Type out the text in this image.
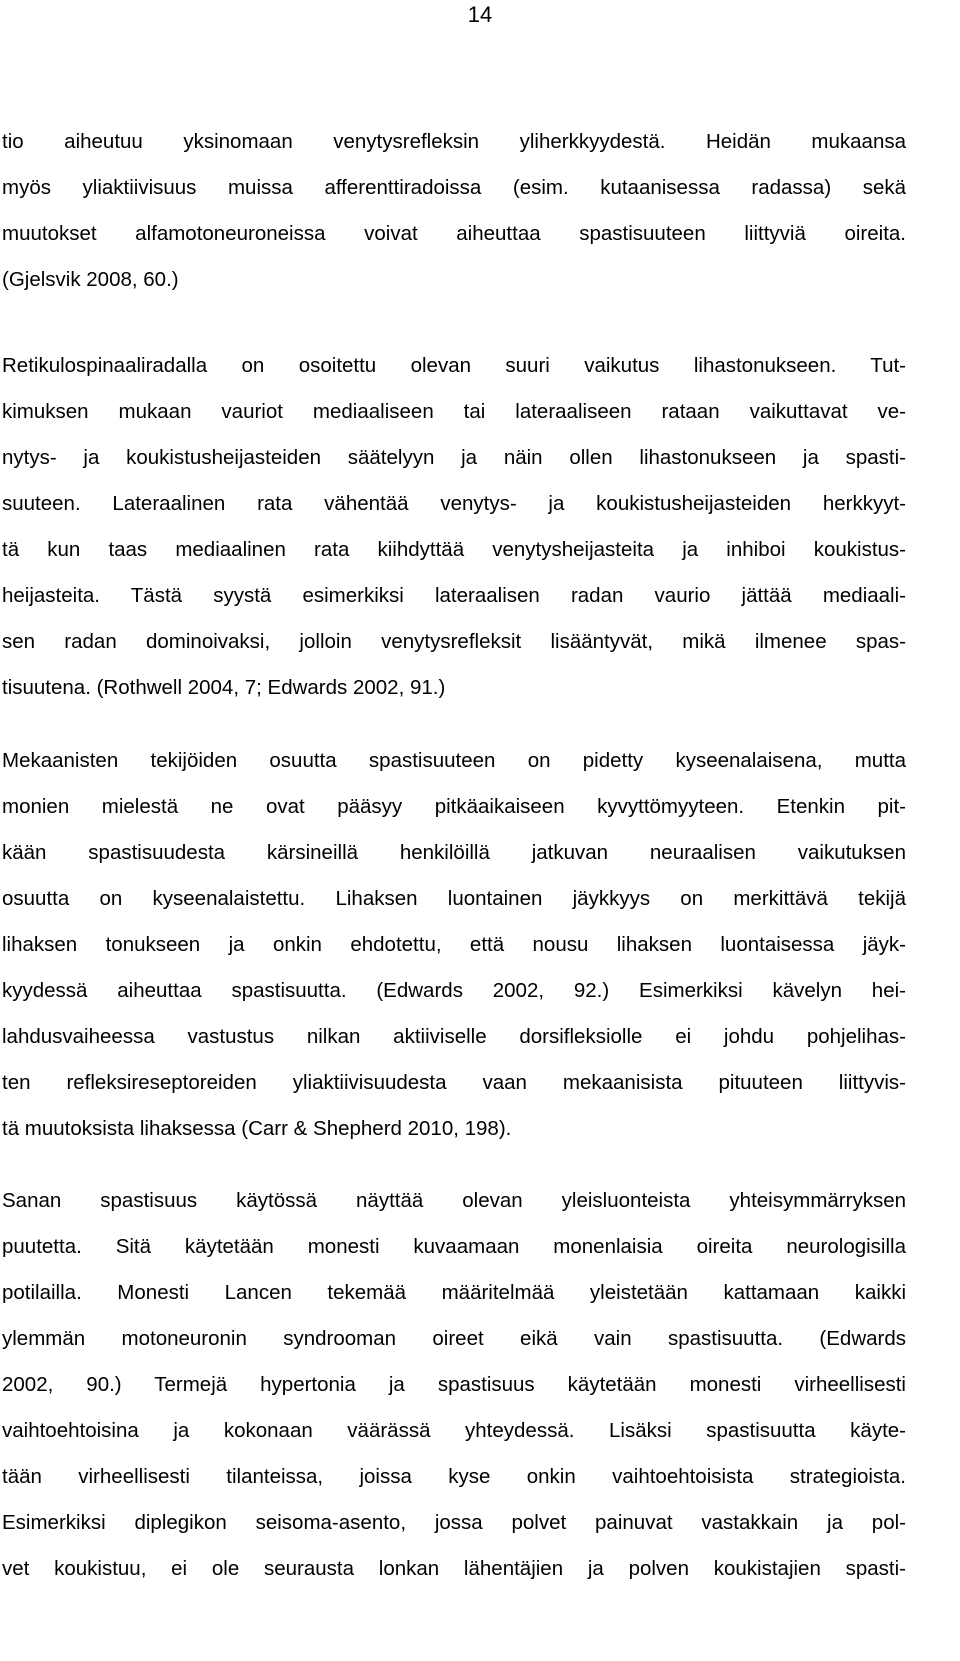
14
tio aiheutuu yksinomaan venytysrefleksin yliherkkyydestä. Heidän mukaansa
myös yliaktiivisuus muissa afferenttiradoissa (esim. kutaanisessa radassa) sekä
muutokset alfamotoneuroneissa voivat aiheuttaa spastisuuteen liittyviä oireita.
(Gjelsvik 2008, 60.)
Retikulospinaaliradalla on osoitettu olevan suuri vaikutus lihastonukseen. Tut-
kimuksen mukaan vauriot mediaaliseen tai lateraaliseen rataan vaikuttavat ve-
nytys- ja koukistusheijasteiden säätelyyn ja näin ollen lihastonukseen ja spasti-
suuteen. Lateraalinen rata vähentää venytys- ja koukistusheijasteiden herkkyyt-
tä kun taas mediaalinen rata kiihdyttää venytysheijasteita ja inhiboi koukistus-
heijasteita. Tästä syystä esimerkiksi lateraalisen radan vaurio jättää mediaali-
sen radan dominoivaksi, jolloin venytysrefleksit lisääntyvät, mikä ilmenee spas-
tisuutena. (Rothwell 2004, 7; Edwards 2002, 91.)
Mekaanisten tekijöiden osuutta spastisuuteen on pidetty kyseenalaisena, mutta
monien mielestä ne ovat pääsyy pitkäaikaiseen kyvyttömyyteen. Etenkin pit-
kään spastisuudesta kärsineillä henkilöillä jatkuvan neuraalisen vaikutuksen
osuutta on kyseenalaistettu. Lihaksen luontainen jäykkyys on merkittävä tekijä
lihaksen tonukseen ja onkin ehdotettu, että nousu lihaksen luontaisessa jäyk-
kyydessä aiheuttaa spastisuutta. (Edwards 2002, 92.) Esimerkiksi kävelyn hei-
lahdusvaiheessa vastustus nilkan aktiiviselle dorsifleksiolle ei johdu pohjelihas-
ten refleksireseptoreiden yliaktiivisuudesta vaan mekaanisista pituuteen liittyvis-
tä muutoksista lihaksessa (Carr & Shepherd 2010, 198).
Sanan spastisuus käytössä näyttää olevan yleisluonteista yhteisymmärryksen
puutetta. Sitä käytetään monesti kuvaamaan monenlaisia oireita neurologisilla
potilailla. Monesti Lancen tekemää määritelmää yleistetään kattamaan kaikki
ylemmän motoneuronin syndrooman oireet eikä vain spastisuutta. (Edwards
2002, 90.) Termejä hypertonia ja spastisuus käytetään monesti virheellisesti
vaihtoehtoisina ja kokonaan väärässä yhteydessä. Lisäksi spastisuutta käyte-
tään virheellisesti tilanteissa, joissa kyse onkin vaihtoehtoisista strategioista.
Esimerkiksi diplegikon seisoma-asento, jossa polvet painuvat vastakkain ja pol-
vet koukistuu, ei ole seurausta lonkan lähentäjien ja polven koukistajien spasti-
